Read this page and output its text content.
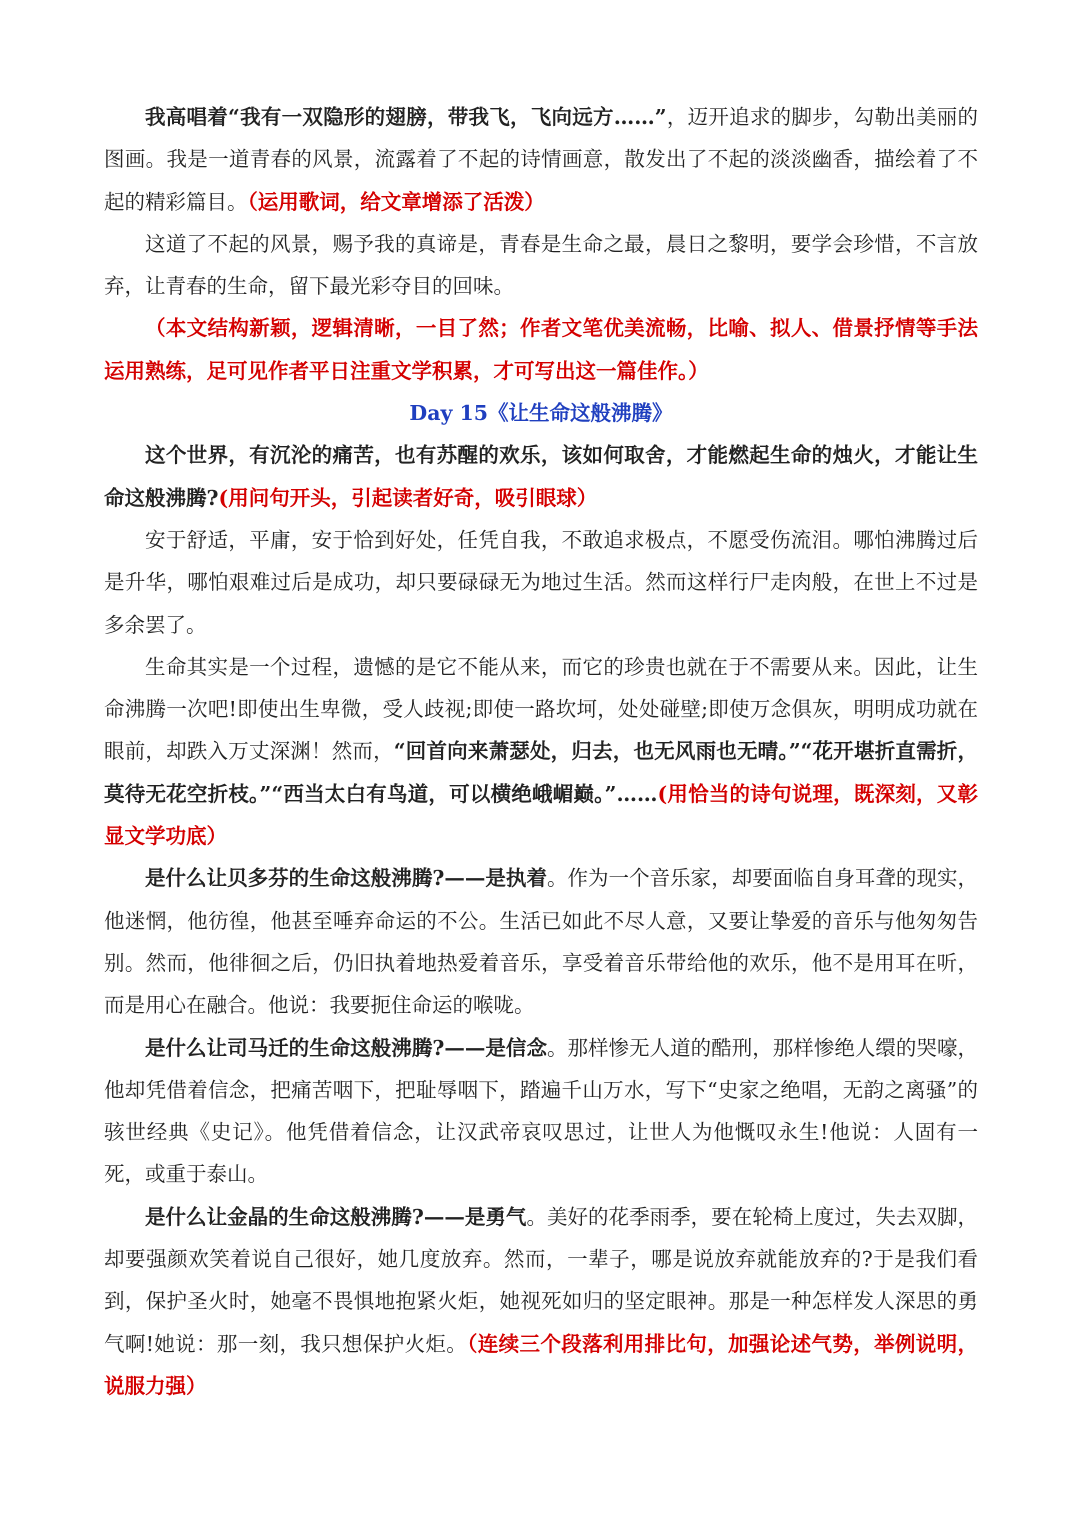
我高唱着“我有一双隐形的翅膀，带我飞，飞向远方……”，迈开追求的脚步，勾勒出美丽的图画。我是一道青春的风景，流露着了不起的诗情画意，散发出了不起的淡淡幽香，描绘着了不起的精彩篇目。（运用歌词，给文章增添了活泼）

这道了不起的风景，赐予我的真谛是，青春是生命之最，晨日之黎明，要学会珍惜，不言放弃，让青春的生命，留下最光彩夺目的回味。

（本文结构新颖，逻辑清晰，一目了然；作者文笔优美流畅，比喻、拟人、借景抒情等手法运用熟练，足可见作者平日注重文学积累，才可写出这一篇佳作。）

Day 15《让生命这般沸腾》

这个世界，有沉沦的痛苦，也有苏醒的欢乐，该如何取舍，才能燃起生命的烛火，才能让生命这般沸腾?(用问句开头，引起读者好奇，吸引眼球）

安于舒适，平庸，安于恰到好处，任凭自我，不敢追求极点，不愿受伤流泪。哪怕沸腾过后是升华，哪怕艰难过后是成功，却只要碌碌无为地过生活。然而这样行尸走肉般，在世上不过是多余罢了。

生命其实是一个过程，遗憾的是它不能从来，而它的珍贵也就在于不需要从来。因此，让生命沸腾一次吧!即使出生卑微，受人歧视;即使一路坎坷，处处碰壁;即使万念俱灰，明明成功就在眼前，却跌入万丈深渊！然而，“回首向来萧瑟处，归去，也无风雨也无晴。”“花开堪折直需折，莫待无花空折枝。”“西当太白有鸟道，可以横绝峨嵋巅。”……(用恰当的诗句说理，既深刻，又彰显文学功底）

是什么让贝多芬的生命这般沸腾?——是执着。作为一个音乐家，却要面临自身耳聋的现实，他迷惘，他彷徨，他甚至唾弃命运的不公。生活已如此不尽人意，又要让挚爱的音乐与他匆匆告别。然而，他徘徊之后，仍旧执着地热爱着音乐，享受着音乐带给他的欢乐，他不是用耳在听，而是用心在融合。他说：我要扼住命运的喉咙。

是什么让司马迁的生命这般沸腾?——是信念。那样惨无人道的酷刑，那样惨绝人缳的哭嚎，他却凭借着信念，把痛苦咽下，把耻辱咽下，踏遍千山万水，写下“史家之绝唱，无韵之离骚”的骇世经典《史记》。他凭借着信念，让汉武帝哀叹思过，让世人为他慨叹永生!他说：人固有一死，或重于泰山。

是什么让金晶的生命这般沸腾?——是勇气。美好的花季雨季，要在轮椅上度过，失去双脚，却要强颜欢笑着说自己很好，她几度放弃。然而，一辈子，哪是说放弃就能放弃的?于是我们看到，保护圣火时，她毫不畏惧地抱紧火炬，她视死如归的坚定眼神。那是一种怎样发人深思的勇气啊!她说：那一刻，我只想保护火炬。（连续三个段落利用排比句，加强论述气势，举例说明，说服力强）
